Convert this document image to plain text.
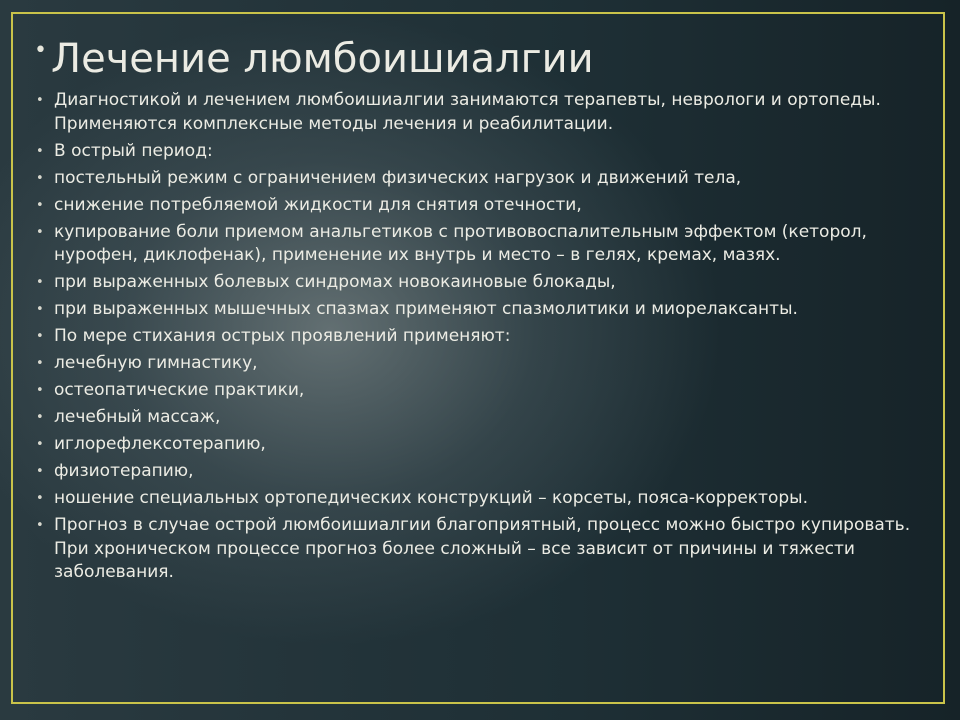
• Лечение люмбоишиалгии
• Диагностикой и лечением люмбоишиалгии занимаются терапевты, неврологи и ортопеды. Применяются комплексные методы лечения и реабилитации.
• В острый период:
• постельный режим с ограничением физических нагрузок и движений тела,
• снижение потребляемой жидкости для снятия отечности,
• купирование боли приемом анальгетиков с противовоспалительным эффектом (кеторол, нурофен, диклофенак), применение их внутрь и место – в гелях, кремах, мазях.
• при выраженных болевых синдромах новокаиновые блокады,
• при выраженных мышечных спазмах применяют спазмолитики и миорелаксанты.
• По мере стихания острых проявлений применяют:
• лечебную гимнастику,
• остеопатические практики,
• лечебный массаж,
• иглорефлексотерапию,
• физиотерапию,
• ношение специальных ортопедических конструкций – корсеты, пояса-корректоры.
• Прогноз в случае острой люмбоишиалгии благоприятный, процесс можно быстро купировать. При хроническом процессе прогноз более сложный – все зависит от причины и тяжести заболевания.
